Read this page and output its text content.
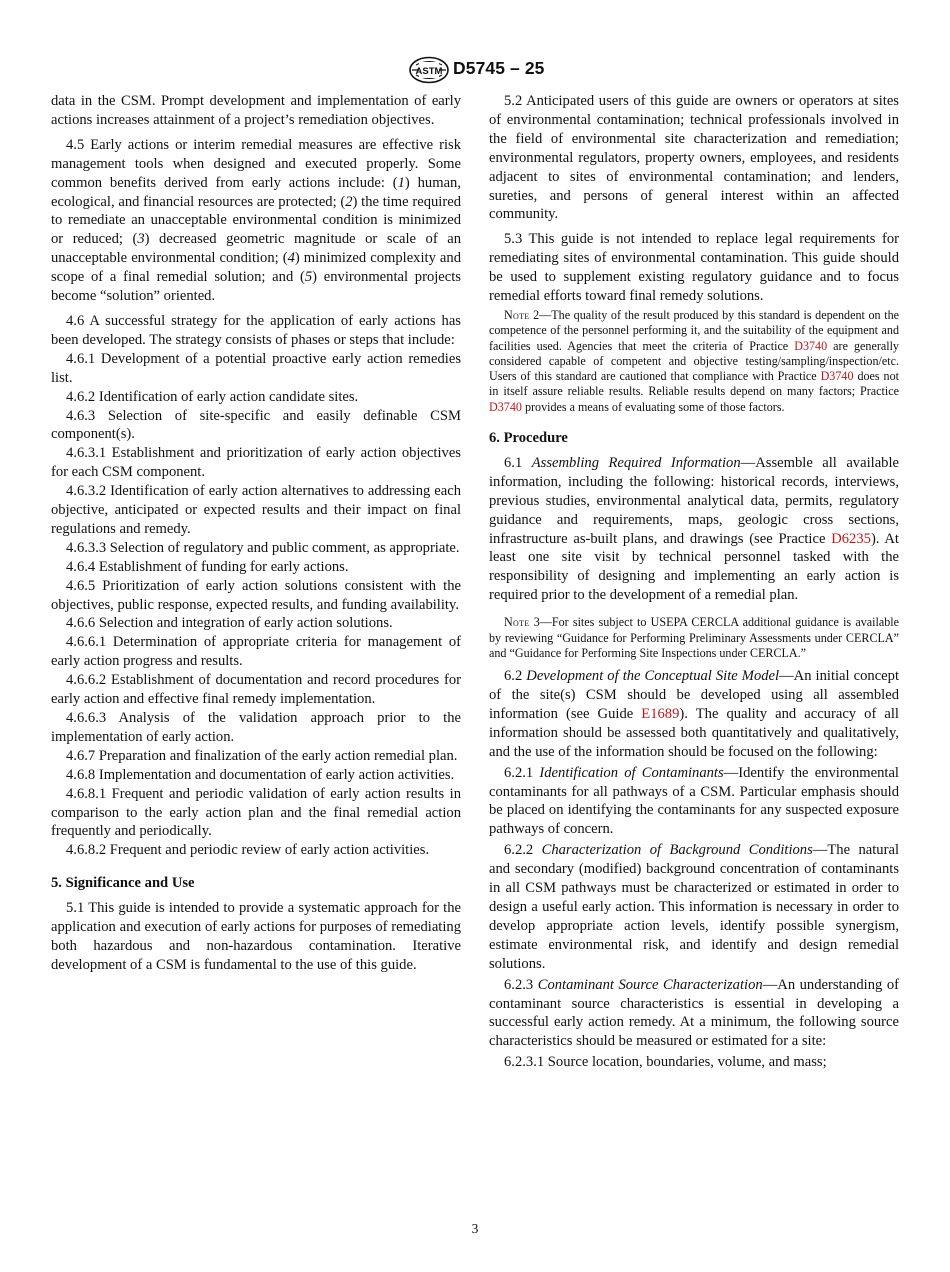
ASTM D5745 – 25

data in the CSM. Prompt development and implementation of early actions increases attainment of a project’s remediation objectives.

4.5 Early actions or interim remedial measures are effective risk management tools when designed and executed properly. Some common benefits derived from early actions include: (1) human, ecological, and financial resources are protected; (2) the time required to remediate an unacceptable environmental condition is minimized or reduced; (3) decreased geometric magnitude or scale of an unacceptable environmental condition; (4) minimized complexity and scope of a final remedial solution; and (5) environmental projects become “solution” oriented.

4.6 A successful strategy for the application of early actions has been developed. The strategy consists of phases or steps that include:

4.6.1 Development of a potential proactive early action remedies list.

4.6.2 Identification of early action candidate sites.

4.6.3 Selection of site-specific and easily definable CSM component(s).

4.6.3.1 Establishment and prioritization of early action objectives for each CSM component.

4.6.3.2 Identification of early action alternatives to addressing each objective, anticipated or expected results and their impact on final regulations and remedy.

4.6.3.3 Selection of regulatory and public comment, as appropriate.

4.6.4 Establishment of funding for early actions.

4.6.5 Prioritization of early action solutions consistent with the objectives, public response, expected results, and funding availability.

4.6.6 Selection and integration of early action solutions.

4.6.6.1 Determination of appropriate criteria for management of early action progress and results.

4.6.6.2 Establishment of documentation and record procedures for early action and effective final remedy implementation.

4.6.6.3 Analysis of the validation approach prior to the implementation of early action.

4.6.7 Preparation and finalization of the early action remedial plan.

4.6.8 Implementation and documentation of early action activities.

4.6.8.1 Frequent and periodic validation of early action results in comparison to the early action plan and the final remedial action frequently and periodically.

4.6.8.2 Frequent and periodic review of early action activities.

5. Significance and Use

5.1 This guide is intended to provide a systematic approach for the application and execution of early actions for purposes of remediating both hazardous and non-hazardous contamination. Iterative development of a CSM is fundamental to the use of this guide.

5.2 Anticipated users of this guide are owners or operators at sites of environmental contamination; technical professionals involved in the field of environmental site characterization and remediation; environmental regulators, property owners, employees, and residents adjacent to sites of environmental contamination; and lenders, sureties, and persons of general interest within an affected community.

5.3 This guide is not intended to replace legal requirements for remediating sites of environmental contamination. This guide should be used to supplement existing regulatory guidance and to focus remedial efforts toward final remedy solutions.

Note 2—The quality of the result produced by this standard is dependent on the competence of the personnel performing it, and the suitability of the equipment and facilities used. Agencies that meet the criteria of Practice D3740 are generally considered capable of competent and objective testing/sampling/inspection/etc. Users of this standard are cautioned that compliance with Practice D3740 does not in itself assure reliable results. Reliable results depend on many factors; Practice D3740 provides a means of evaluating some of those factors.

6. Procedure

6.1 Assembling Required Information—Assemble all available information, including the following: historical records, interviews, previous studies, environmental analytical data, permits, regulatory guidance and requirements, maps, geologic cross sections, infrastructure as-built plans, and drawings (see Practice D6235). At least one site visit by technical personnel tasked with the responsibility of designing and implementing an early action is required prior to the development of a remedial plan.

Note 3—For sites subject to USEPA CERCLA additional guidance is available by reviewing “Guidance for Performing Preliminary Assessments under CERCLA” and “Guidance for Performing Site Inspections under CERCLA.”

6.2 Development of the Conceptual Site Model—An initial concept of the site(s) CSM should be developed using all assembled information (see Guide E1689). The quality and accuracy of all information should be assessed both quantitatively and qualitatively, and the use of the information should be focused on the following:

6.2.1 Identification of Contaminants—Identify the environmental contaminants for all pathways of a CSM. Particular emphasis should be placed on identifying the contaminants for any suspected exposure pathways of concern.

6.2.2 Characterization of Background Conditions—The natural and secondary (modified) background concentration of contaminants in all CSM pathways must be characterized or estimated in order to design a useful early action. This information is necessary in order to develop appropriate action levels, identify possible synergism, estimate environmental risk, and identify and design remedial solutions.

6.2.3 Contaminant Source Characterization—An understanding of contaminant source characteristics is essential in developing a successful early action remedy. At a minimum, the following source characteristics should be measured or estimated for a site:

6.2.3.1 Source location, boundaries, volume, and mass;

3
